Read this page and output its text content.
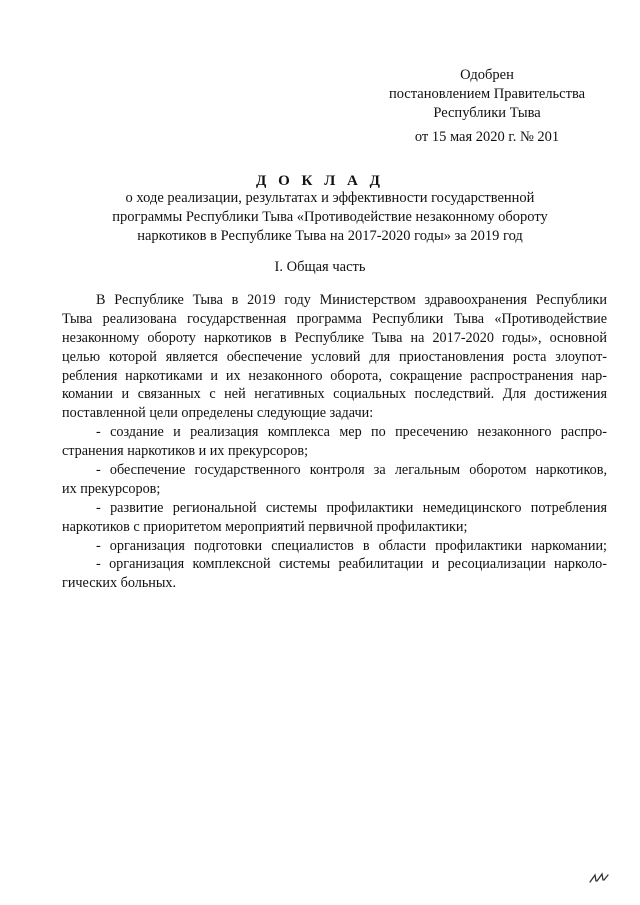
Одобрен
постановлением Правительства
Республики Тыва
от 15 мая 2020 г. № 201
Д О К Л А Д
о ходе реализации, результатах и эффективности государственной
программы Республики Тыва «Противодействие незаконному обороту
наркотиков в Республике Тыва на 2017-2020 годы» за 2019 год
I. Общая часть
В Республике Тыва в 2019 году Министерством здравоохранения Республики
Тыва реализована государственная программа Республики Тыва «Противодействие
незаконному обороту наркотиков в Республике Тыва на 2017-2020 годы», основной
целью которой является обеспечение условий для приостановления роста злоупот-
ребления наркотиками и их незаконного оборота, сокращение распространения нар-
комании и связанных с ней негативных социальных последствий. Для достижения
поставленной цели определены следующие задачи:
- создание и реализация комплекса мер по пресечению незаконного распро-
странения наркотиков и их прекурсоров;
- обеспечение государственного контроля за легальным оборотом наркотиков,
их прекурсоров;
- развитие региональной системы профилактики немедицинского потребления
наркотиков с приоритетом мероприятий первичной профилактики;
- организация подготовки специалистов в области профилактики наркомании;
- организация комплексной системы реабилитации и ресоциализации нарколо-
гических больных.
